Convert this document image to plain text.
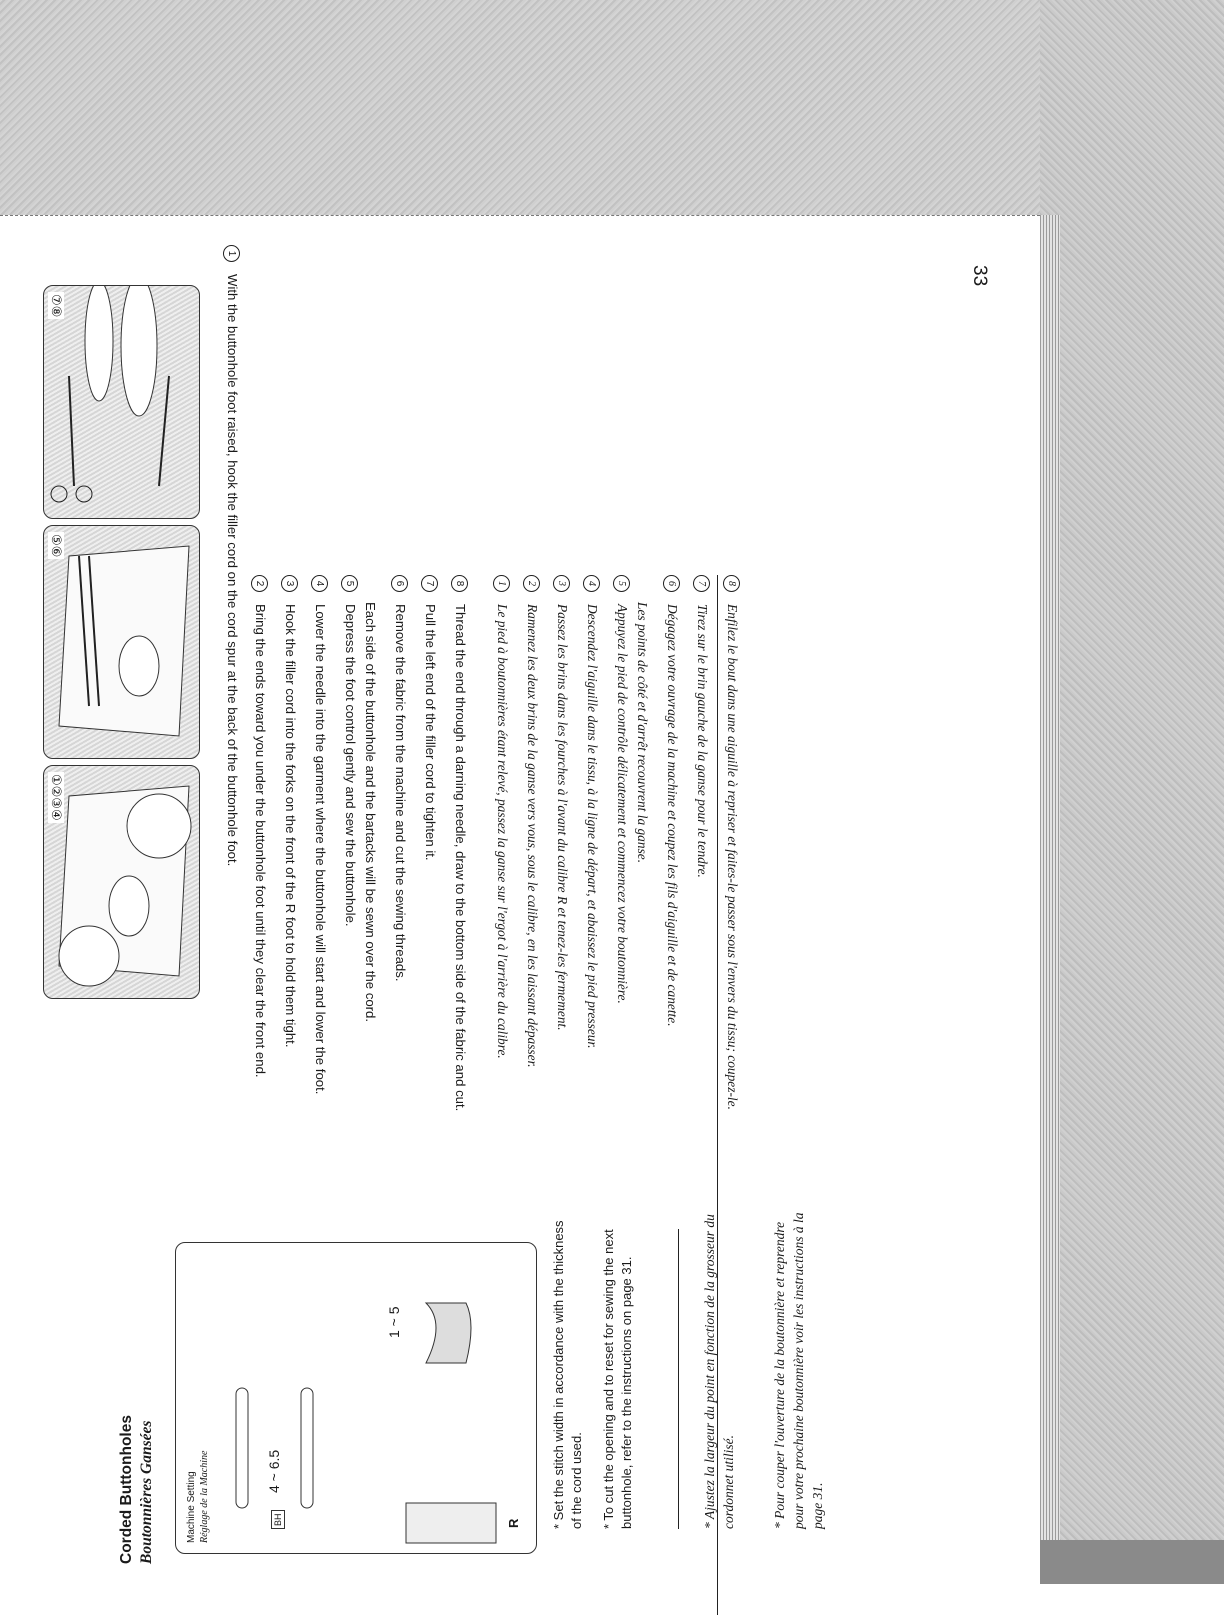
33
⑦⑧
⑤⑥
①②③④
1
With the buttonhole foot raised, hook the filler cord on the cord spur at the back of the buttonhole foot.	2
Bring the ends toward you under the buttonhole foot until they clear the front end.
3
Hook the filler cord into the forks on the front of the R foot to hold them tight.
4
Lower the needle into the garment where the buttonhole will start and lower the foot.
5
Depress the foot control gently and sew the buttonhole. Each side of the buttonhole and the bartacks will be sewn over the cord.
6
Remove the fabric from the machine and cut the sewing threads.
7
Pull the left end of the filler cord to tighten it.
8
Thread the end through a darning needle, draw to the bottom side of the fabric and cut.
1
Le pied à boutonnières étant relevé, passez la ganse sur l'ergot à l'arrière du calibre.
2
Ramenez les deux brins de la ganse vers vous, sous le calibre, en les laissant dépasser.
3
Passez les brins dans les fourches à l'avant du calibre R et tenez-les fermement.
4
Descendez l'aiguille dans le tissu, à la ligne de départ, et abaissez le pied presseur.
5
Appuyez le pied de contrôle délicatement et commencez votre boutonnière. Les points de côté et d'arrêt recouvrent la ganse.
6
Dégagez votre ouvrage de la machine et coupez les fils d'aiguille et de canette.
7
Tirez sur le brin gauche de la ganse pour le tendre.
8
Enfilez le bout dans une aiguille à repriser et faites-le passer sous l'envers du tissu; coupez-le.
Corded Buttonholes Boutonnières Gansées	Machine Setting Réglage de la Machine	4 ~ 6.5
1 ~ 5
R
BH	* Set the stitch width in accordance with the thickness of the cord used. * To cut the opening and to reset for sewing the next buttonhole, refer to the instructions on page 31.	* Ajustez la largeur du point en fonction de la grosseur du cordonnet utilisé.	* Pour couper l'ouverture de la boutonnière et reprendre pour votre prochaine boutonnière voir les instructions à la page 31.
